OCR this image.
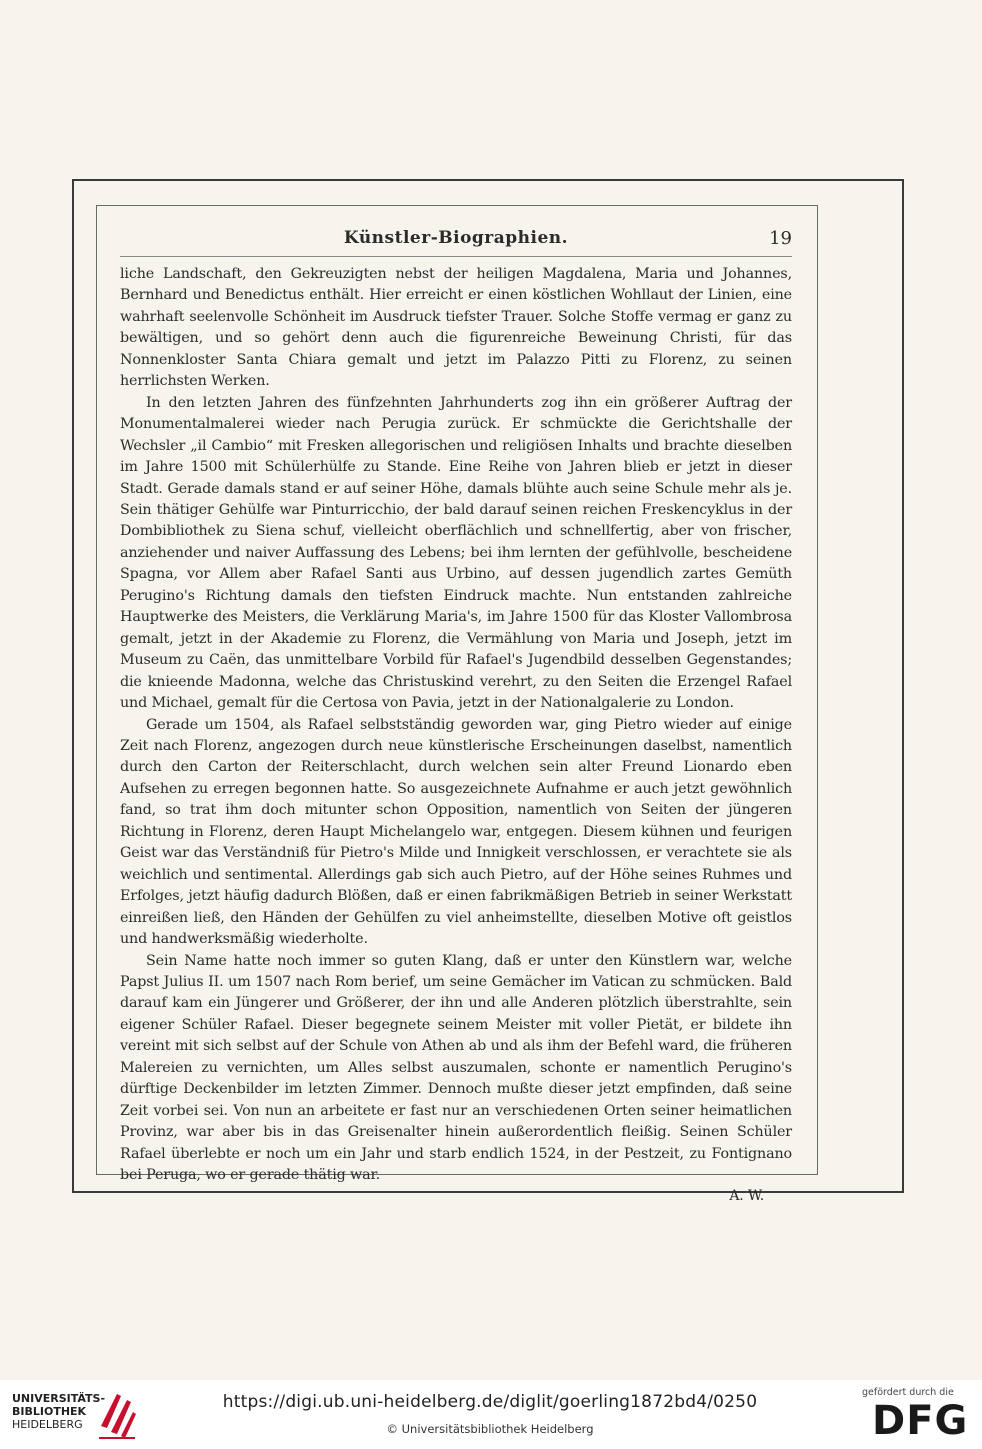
Künstler-Biographien.	19

liche Landschaft, den Gekreuzigten nebst der heiligen Magdalena, Maria und Johannes, Bernhard und Benedictus enthält. Hier erreicht er einen köstlichen Wohllaut der Linien, eine wahrhaft seelenvolle Schönheit im Ausdruck tiefster Trauer. Solche Stoffe vermag er ganz zu bewältigen, und so gehört denn auch die figurenreiche Beweinung Christi, für das Nonnenkloster Santa Chiara gemalt und jetzt im Palazzo Pitti zu Florenz, zu seinen herrlichsten Werken.

In den letzten Jahren des fünfzehnten Jahrhunderts zog ihn ein größerer Auftrag der Monumentalmalerei wieder nach Perugia zurück. Er schmückte die Gerichtshalle der Wechsler „il Cambio“ mit Fresken allegorischen und religiösen Inhalts und brachte dieselben im Jahre 1500 mit Schülerhülfe zu Stande. Eine Reihe von Jahren blieb er jetzt in dieser Stadt. Gerade damals stand er auf seiner Höhe, damals blühte auch seine Schule mehr als je. Sein thätiger Gehülfe war Pinturricchio, der bald darauf seinen reichen Freskencyklus in der Dombibliothek zu Siena schuf, vielleicht oberflächlich und schnellfertig, aber von frischer, anziehender und naiver Auffassung des Lebens; bei ihm lernten der gefühlvolle, bescheidene Spagna, vor Allem aber Rafael Santi aus Urbino, auf dessen jugendlich zartes Gemüth Perugino's Richtung damals den tiefsten Eindruck machte. Nun entstanden zahlreiche Hauptwerke des Meisters, die Verklärung Maria's, im Jahre 1500 für das Kloster Vallombrosa gemalt, jetzt in der Akademie zu Florenz, die Vermählung von Maria und Joseph, jetzt im Museum zu Caën, das unmittelbare Vorbild für Rafael's Jugendbild desselben Gegenstandes; die knieende Madonna, welche das Christuskind verehrt, zu den Seiten die Erzengel Rafael und Michael, gemalt für die Certosa von Pavia, jetzt in der Nationalgalerie zu London.

Gerade um 1504, als Rafael selbstständig geworden war, ging Pietro wieder auf einige Zeit nach Florenz, angezogen durch neue künstlerische Erscheinungen daselbst, namentlich durch den Carton der Reiterschlacht, durch welchen sein alter Freund Lionardo eben Aufsehen zu erregen begonnen hatte. So ausgezeichnete Aufnahme er auch jetzt gewöhnlich fand, so trat ihm doch mitunter schon Opposition, namentlich von Seiten der jüngeren Richtung in Florenz, deren Haupt Michelangelo war, entgegen. Diesem kühnen und feurigen Geist war das Verständniß für Pietro's Milde und Innigkeit verschlossen, er verachtete sie als weichlich und sentimental. Allerdings gab sich auch Pietro, auf der Höhe seines Ruhmes und Erfolges, jetzt häufig dadurch Blößen, daß er einen fabrikmäßigen Betrieb in seiner Werkstatt einreißen ließ, den Händen der Gehülfen zu viel anheimstellte, dieselben Motive oft geistlos und handwerksmäßig wiederholte.

Sein Name hatte noch immer so guten Klang, daß er unter den Künstlern war, welche Papst Julius II. um 1507 nach Rom berief, um seine Gemächer im Vatican zu schmücken. Bald darauf kam ein Jüngerer und Größerer, der ihn und alle Anderen plötzlich überstrahlte, sein eigener Schüler Rafael. Dieser begegnete seinem Meister mit voller Pietät, er bildete ihn vereint mit sich selbst auf der Schule von Athen ab und als ihm der Befehl ward, die früheren Malereien zu vernichten, um Alles selbst auszumalen, schonte er namentlich Perugino's dürftige Deckenbilder im letzten Zimmer. Dennoch mußte dieser jetzt empfinden, daß seine Zeit vorbei sei. Von nun an arbeitete er fast nur an verschiedenen Orten seiner heimatlichen Provinz, war aber bis in das Greisenalter hinein außerordentlich fleißig. Seinen Schüler Rafael überlebte er noch um ein Jahr und starb endlich 1524, in der Pestzeit, zu Fontignano bei Peruga, wo er gerade thätig war.

A. W.
UNIVERSITÄTS-
BIBLIOTHEK
HEIDELBERG
https://digi.ub.uni-heidelberg.de/diglit/goerling1872bd4/0250
© Universitätsbibliothek Heidelberg
gefördert durch die
DFG
